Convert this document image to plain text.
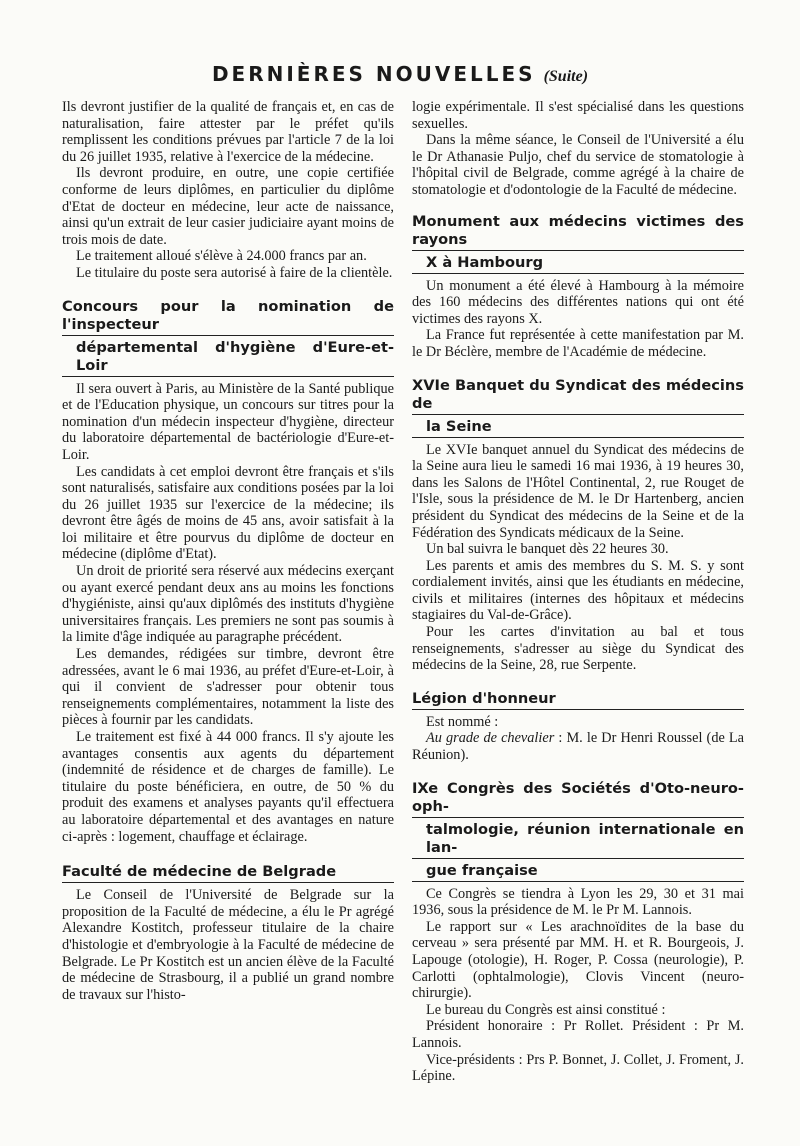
DERNIÈRES NOUVELLES (Suite)

Ils devront justifier de la qualité de français et, en cas de naturalisation, faire attester par le préfet qu'ils remplissent les conditions prévues par l'article 7 de la loi du 26 juillet 1935, relative à l'exercice de la médecine.

Ils devront produire, en outre, une copie certifiée conforme de leurs diplômes, en particulier du diplôme d'Etat de docteur en médecine, leur acte de naissance, ainsi qu'un extrait de leur casier judiciaire ayant moins de trois mois de date.

Le traitement alloué s'élève à 24.000 francs par an.

Le titulaire du poste sera autorisé à faire de la clientèle.

Concours pour la nomination de l'inspecteur
départemental d'hygiène d'Eure-et-Loir

Il sera ouvert à Paris, au Ministère de la Santé publique et de l'Education physique, un concours sur titres pour la nomination d'un médecin inspecteur d'hygiène, directeur du laboratoire départemental de bactériologie d'Eure-et-Loir.

Les candidats à cet emploi devront être français et s'ils sont naturalisés, satisfaire aux conditions posées par la loi du 26 juillet 1935 sur l'exercice de la médecine; ils devront être âgés de moins de 45 ans, avoir satisfait à la loi militaire et être pourvus du diplôme de docteur en médecine (diplôme d'Etat).

Un droit de priorité sera réservé aux médecins exerçant ou ayant exercé pendant deux ans au moins les fonctions d'hygiéniste, ainsi qu'aux diplômés des instituts d'hygiène universitaires français. Les premiers ne sont pas soumis à la limite d'âge indiquée au paragraphe précédent.

Les demandes, rédigées sur timbre, devront être adressées, avant le 6 mai 1936, au préfet d'Eure-et-Loir, à qui il convient de s'adresser pour obtenir tous renseignements complémentaires, notamment la liste des pièces à fournir par les candidats.

Le traitement est fixé à 44 000 francs. Il s'y ajoute les avantages consentis aux agents du département (indemnité de résidence et de charges de famille). Le titulaire du poste bénéficiera, en outre, de 50 % du produit des examens et analyses payants qu'il effectuera au laboratoire départemental et des avantages en nature ci-après : logement, chauffage et éclairage.

Faculté de médecine de Belgrade

Le Conseil de l'Université de Belgrade sur la proposition de la Faculté de médecine, a élu le Pr agrégé Alexandre Kostitch, professeur titulaire de la chaire d'histologie et d'embryologie à la Faculté de médecine de Belgrade. Le Pr Kostitch est un ancien élève de la Faculté de médecine de Strasbourg, il a publié un grand nombre de travaux sur l'histo-

logie expérimentale. Il s'est spécialisé dans les questions sexuelles.

Dans la même séance, le Conseil de l'Université a élu le Dr Athanasie Puljo, chef du service de stomatologie à l'hôpital civil de Belgrade, comme agrégé à la chaire de stomatologie et d'odontologie de la Faculté de médecine.

Monument aux médecins victimes des rayons
X à Hambourg

Un monument a été élevé à Hambourg à la mémoire des 160 médecins des différentes nations qui ont été victimes des rayons X.

La France fut représentée à cette manifestation par M. le Dr Béclère, membre de l'Académie de médecine.

XVIe Banquet du Syndicat des médecins de
la Seine

Le XVIe banquet annuel du Syndicat des médecins de la Seine aura lieu le samedi 16 mai 1936, à 19 heures 30, dans les Salons de l'Hôtel Continental, 2, rue Rouget de l'Isle, sous la présidence de M. le Dr Hartenberg, ancien président du Syndicat des médecins de la Seine et de la Fédération des Syndicats médicaux de la Seine.

Un bal suivra le banquet dès 22 heures 30.

Les parents et amis des membres du S. M. S. y sont cordialement invités, ainsi que les étudiants en médecine, civils et militaires (internes des hôpitaux et médecins stagiaires du Val-de-Grâce).

Pour les cartes d'invitation au bal et tous renseignements, s'adresser au siège du Syndicat des médecins de la Seine, 28, rue Serpente.

Légion d'honneur

Est nommé :

Au grade de chevalier : M. le Dr Henri Roussel (de La Réunion).

IXe Congrès des Sociétés d'Oto-neuro-oph-
talmologie, réunion internationale en lan-
gue française

Ce Congrès se tiendra à Lyon les 29, 30 et 31 mai 1936, sous la présidence de M. le Pr M. Lannois.

Le rapport sur « Les arachnoïdites de la base du cerveau » sera présenté par MM. H. et R. Bourgeois, J. Lapouge (otologie), H. Roger, P. Cossa (neurologie), P. Carlotti (ophtalmologie), Clovis Vincent (neuro-chirurgie).

Le bureau du Congrès est ainsi constitué :

Président honoraire : Pr Rollet. Président : Pr M. Lannois.

Vice-présidents : Prs P. Bonnet, J. Collet, J. Froment, J. Lépine.
